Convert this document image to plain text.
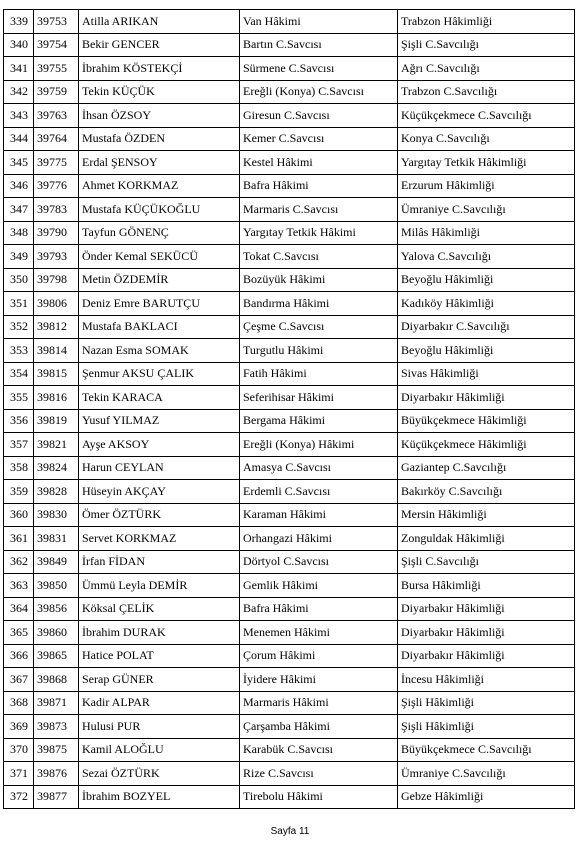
339	39753	Atilla ARIKAN	Van Hâkimi	Trabzon Hâkimliği
340	39754	Bekir GENCER	Bartın C.Savcısı	Şişli C.Savcılığı
341	39755	İbrahim KÖSTEKÇİ	Sürmene C.Savcısı	Ağrı C.Savcılığı
342	39759	Tekin KÜÇÜK	Ereğli (Konya) C.Savcısı	Trabzon C.Savcılığı
343	39763	İhsan ÖZSOY	Giresun C.Savcısı	Küçükçekmece C.Savcılığı
344	39764	Mustafa ÖZDEN	Kemer C.Savcısı	Konya C.Savcılığı
345	39775	Erdal ŞENSOY	Kestel Hâkimi	Yargıtay Tetkik Hâkimliği
346	39776	Ahmet KORKMAZ	Bafra Hâkimi	Erzurum Hâkimliği
347	39783	Mustafa KÜÇÜKOĞLU	Marmaris C.Savcısı	Ümraniye C.Savcılığı
348	39790	Tayfun GÖNENÇ	Yargıtay Tetkik Hâkimi	Milâs Hâkimliği
349	39793	Önder Kemal SEKÜCÜ	Tokat C.Savcısı	Yalova C.Savcılığı
350	39798	Metin ÖZDEMİR	Bozüyük Hâkimi	Beyoğlu Hâkimliği
351	39806	Deniz Emre BARUTÇU	Bandırma Hâkimi	Kadıköy Hâkimliği
352	39812	Mustafa BAKLACI	Çeşme C.Savcısı	Diyarbakır C.Savcılığı
353	39814	Nazan Esma SOMAK	Turgutlu Hâkimi	Beyoğlu Hâkimliği
354	39815	Şenmur AKSU ÇALIK	Fatih Hâkimi	Sivas Hâkimliği
355	39816	Tekin KARACA	Seferihisar Hâkimi	Diyarbakır Hâkimliği
356	39819	Yusuf YILMAZ	Bergama Hâkimi	Büyükçekmece Hâkimliği
357	39821	Ayşe AKSOY	Ereğli (Konya) Hâkimi	Küçükçekmece Hâkimliği
358	39824	Harun CEYLAN	Amasya C.Savcısı	Gaziantep C.Savcılığı
359	39828	Hüseyin AKÇAY	Erdemli C.Savcısı	Bakırköy C.Savcılığı
360	39830	Ömer ÖZTÜRK	Karaman Hâkimi	Mersin Hâkimliği
361	39831	Servet KORKMAZ	Orhangazi Hâkimi	Zonguldak Hâkimliği
362	39849	İrfan FİDAN	Dörtyol C.Savcısı	Şişli C.Savcılığı
363	39850	Ümmü Leyla DEMİR	Gemlik Hâkimi	Bursa Hâkimliği
364	39856	Köksal ÇELİK	Bafra Hâkimi	Diyarbakır Hâkimliği
365	39860	İbrahim DURAK	Menemen Hâkimi	Diyarbakır Hâkimliği
366	39865	Hatice POLAT	Çorum Hâkimi	Diyarbakır Hâkimliği
367	39868	Serap GÜNER	İyidere Hâkimi	İncesu Hâkimliği
368	39871	Kadir ALPAR	Marmaris Hâkimi	Şişli Hâkimliği
369	39873	Hulusi PUR	Çarşamba Hâkimi	Şişli Hâkimliği
370	39875	Kamil ALOĞLU	Karabük C.Savcısı	Büyükçekmece C.Savcılığı
371	39876	Sezai ÖZTÜRK	Rize C.Savcısı	Ümraniye C.Savcılığı
372	39877	İbrahim BOZYEL	Tirebolu Hâkimi	Gebze Hâkimliği
Sayfa 11
